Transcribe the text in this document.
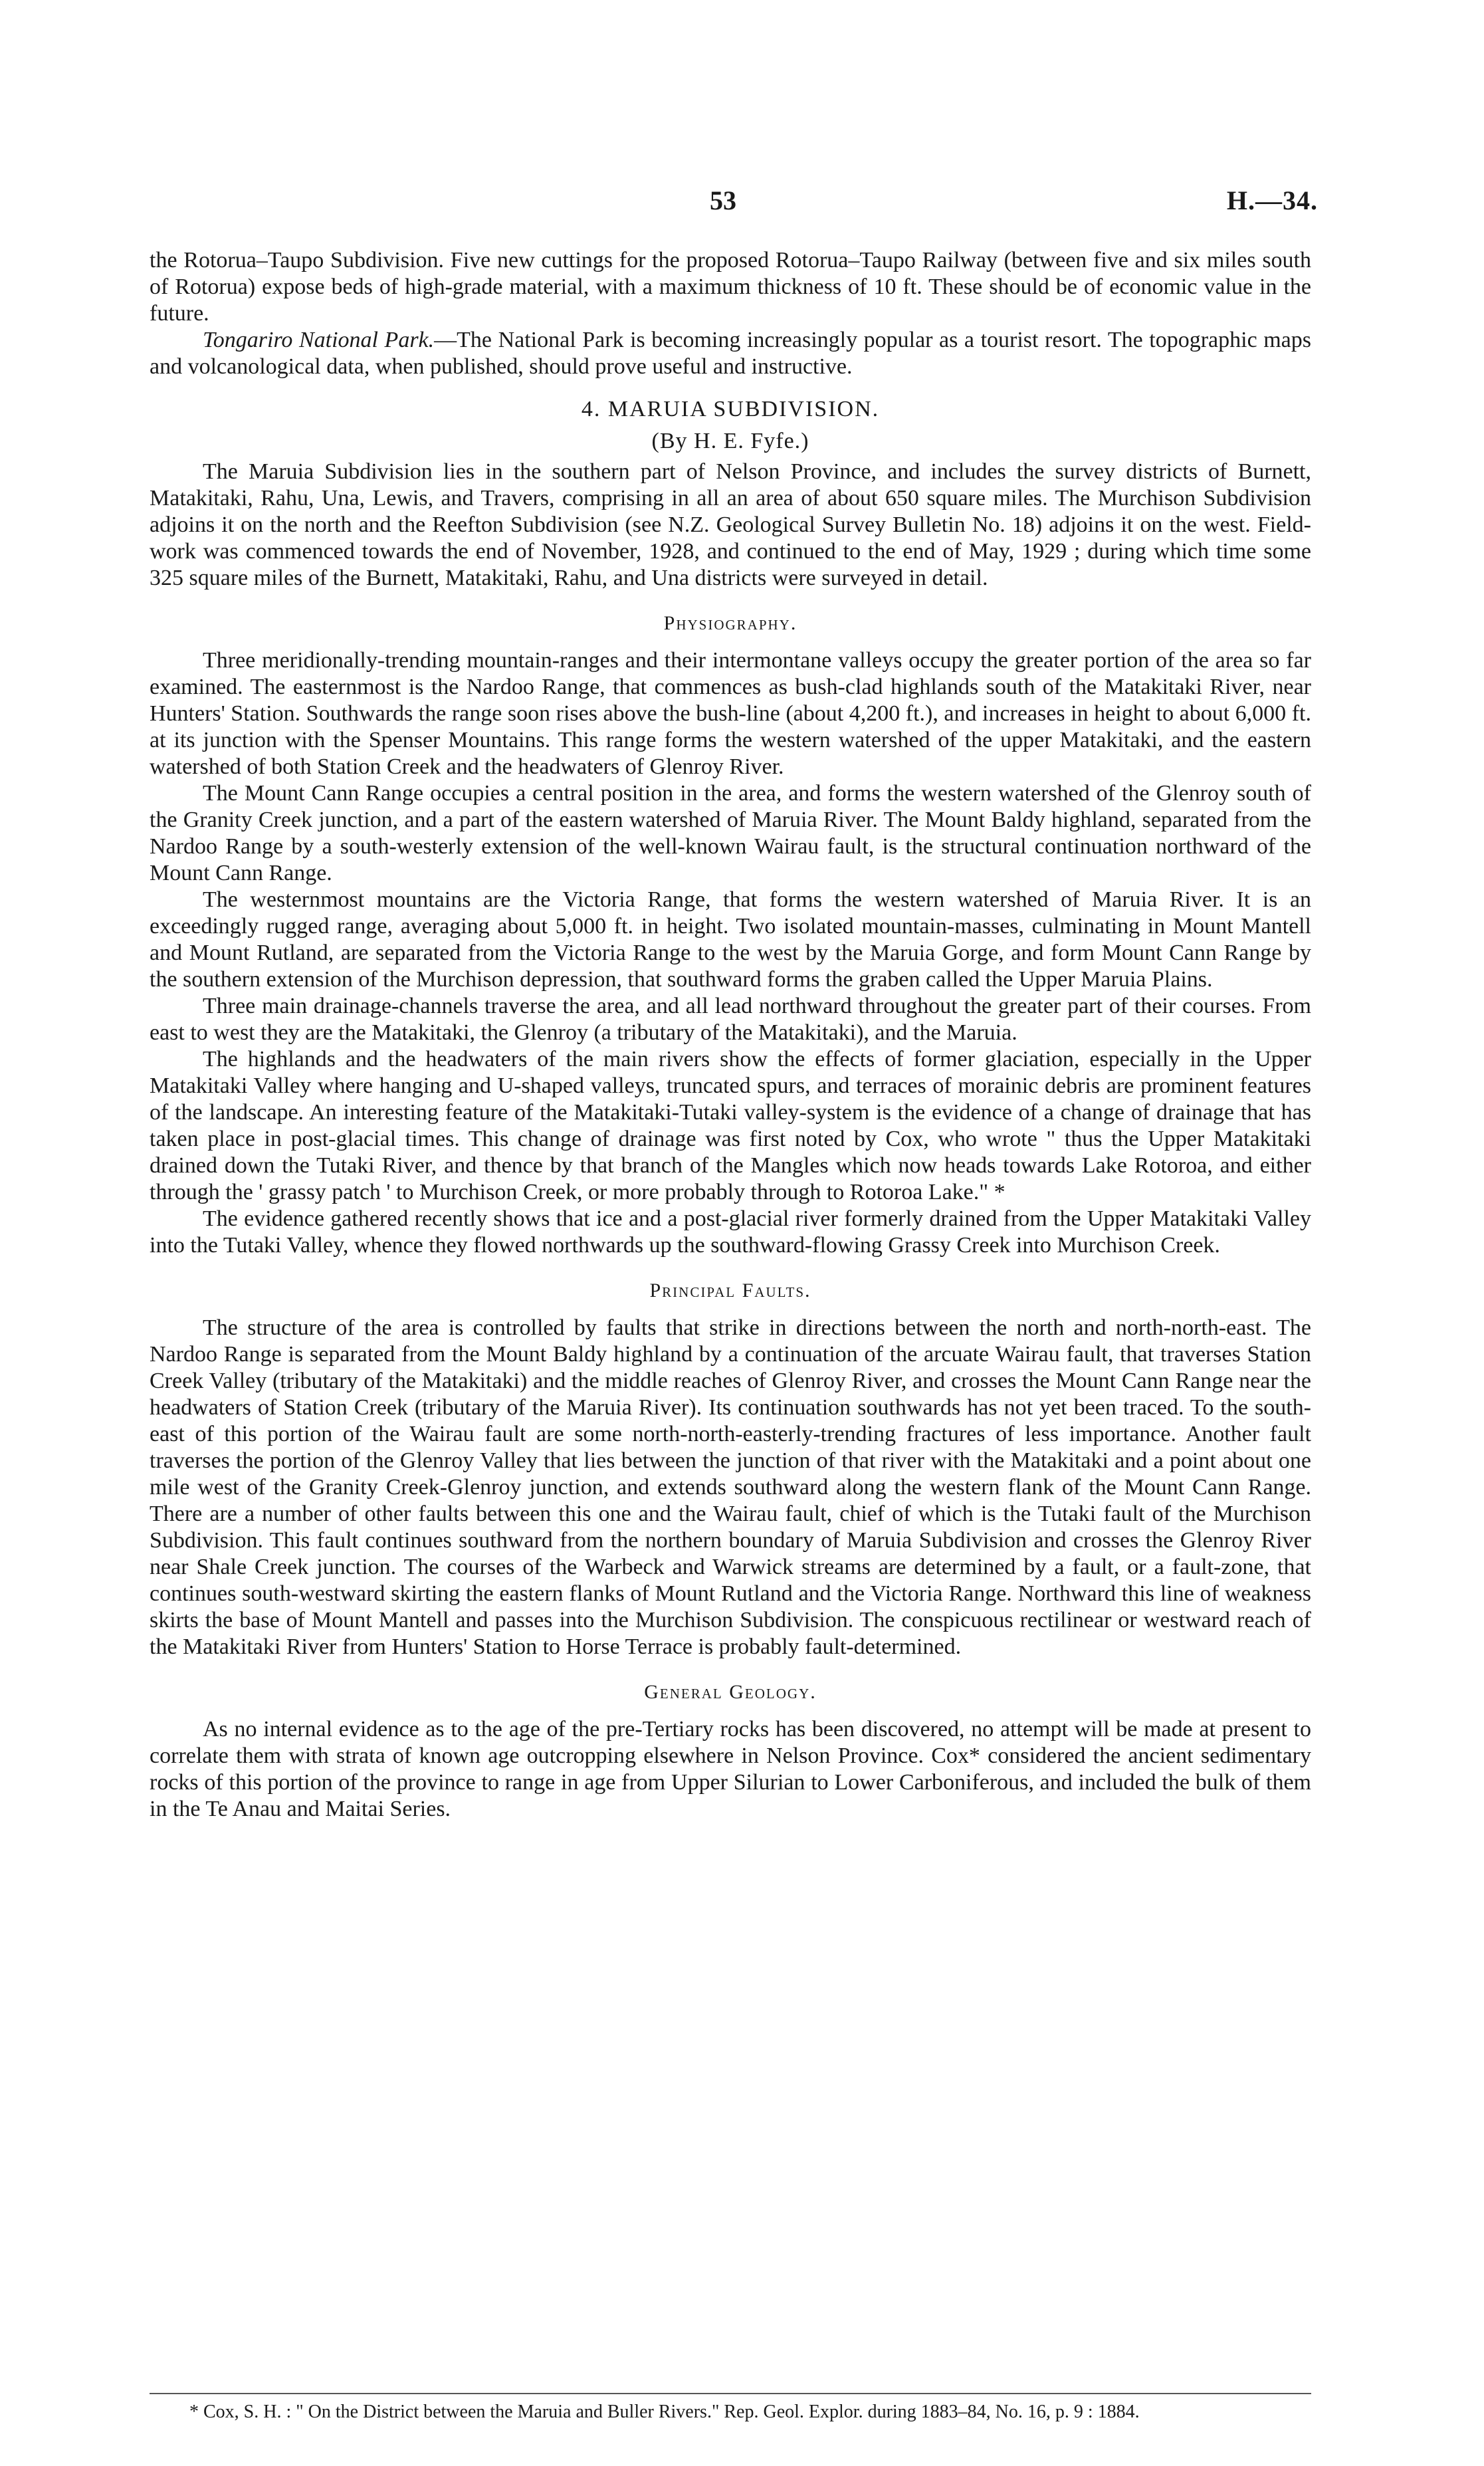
53	H.—34.

the Rotorua–Taupo Subdivision. Five new cuttings for the proposed Rotorua–Taupo Railway (between five and six miles south of Rotorua) expose beds of high-grade material, with a maximum thickness of 10 ft. These should be of economic value in the future.

Tongariro National Park.—The National Park is becoming increasingly popular as a tourist resort. The topographic maps and volcanological data, when published, should prove useful and instructive.

4. MARUIA SUBDIVISION.
(By H. E. Fyfe.)

The Maruia Subdivision lies in the southern part of Nelson Province, and includes the survey districts of Burnett, Matakitaki, Rahu, Una, Lewis, and Travers, comprising in all an area of about 650 square miles. The Murchison Subdivision adjoins it on the north and the Reefton Subdivision (see N.Z. Geological Survey Bulletin No. 18) adjoins it on the west. Field-work was commenced towards the end of November, 1928, and continued to the end of May, 1929 ; during which time some 325 square miles of the Burnett, Matakitaki, Rahu, and Una districts were surveyed in detail.

Physiography.

Three meridionally-trending mountain-ranges and their intermontane valleys occupy the greater portion of the area so far examined. The easternmost is the Nardoo Range, that commences as bush-clad highlands south of the Matakitaki River, near Hunters' Station. Southwards the range soon rises above the bush-line (about 4,200 ft.), and increases in height to about 6,000 ft. at its junction with the Spenser Mountains. This range forms the western watershed of the upper Matakitaki, and the eastern watershed of both Station Creek and the headwaters of Glenroy River.

The Mount Cann Range occupies a central position in the area, and forms the western watershed of the Glenroy south of the Granity Creek junction, and a part of the eastern watershed of Maruia River. The Mount Baldy highland, separated from the Nardoo Range by a south-westerly extension of the well-known Wairau fault, is the structural continuation northward of the Mount Cann Range.

The westernmost mountains are the Victoria Range, that forms the western watershed of Maruia River. It is an exceedingly rugged range, averaging about 5,000 ft. in height. Two isolated mountain-masses, culminating in Mount Mantell and Mount Rutland, are separated from the Victoria Range to the west by the Maruia Gorge, and form Mount Cann Range by the southern extension of the Murchison depression, that southward forms the graben called the Upper Maruia Plains.

Three main drainage-channels traverse the area, and all lead northward throughout the greater part of their courses. From east to west they are the Matakitaki, the Glenroy (a tributary of the Matakitaki), and the Maruia.

The highlands and the headwaters of the main rivers show the effects of former glaciation, especially in the Upper Matakitaki Valley where hanging and U-shaped valleys, truncated spurs, and terraces of morainic debris are prominent features of the landscape. An interesting feature of the Matakitaki-Tutaki valley-system is the evidence of a change of drainage that has taken place in post-glacial times. This change of drainage was first noted by Cox, who wrote " thus the Upper Matakitaki drained down the Tutaki River, and thence by that branch of the Mangles which now heads towards Lake Rotoroa, and either through the ' grassy patch ' to Murchison Creek, or more probably through to Rotoroa Lake." *

The evidence gathered recently shows that ice and a post-glacial river formerly drained from the Upper Matakitaki Valley into the Tutaki Valley, whence they flowed northwards up the southward-flowing Grassy Creek into Murchison Creek.

Principal Faults.

The structure of the area is controlled by faults that strike in directions between the north and north-north-east. The Nardoo Range is separated from the Mount Baldy highland by a continuation of the arcuate Wairau fault, that traverses Station Creek Valley (tributary of the Matakitaki) and the middle reaches of Glenroy River, and crosses the Mount Cann Range near the headwaters of Station Creek (tributary of the Maruia River). Its continuation southwards has not yet been traced. To the south-east of this portion of the Wairau fault are some north-north-easterly-trending fractures of less importance. Another fault traverses the portion of the Glenroy Valley that lies between the junction of that river with the Matakitaki and a point about one mile west of the Granity Creek-Glenroy junction, and extends southward along the western flank of the Mount Cann Range. There are a number of other faults between this one and the Wairau fault, chief of which is the Tutaki fault of the Murchison Subdivision. This fault continues southward from the northern boundary of Maruia Subdivision and crosses the Glenroy River near Shale Creek junction. The courses of the Warbeck and Warwick streams are determined by a fault, or a fault-zone, that continues south-westward skirting the eastern flanks of Mount Rutland and the Victoria Range. Northward this line of weakness skirts the base of Mount Mantell and passes into the Murchison Subdivision. The conspicuous rectilinear or westward reach of the Matakitaki River from Hunters' Station to Horse Terrace is probably fault-determined.

General Geology.

As no internal evidence as to the age of the pre-Tertiary rocks has been discovered, no attempt will be made at present to correlate them with strata of known age outcropping elsewhere in Nelson Province. Cox* considered the ancient sedimentary rocks of this portion of the province to range in age from Upper Silurian to Lower Carboniferous, and included the bulk of them in the Te Anau and Maitai Series.

* Cox, S. H. : " On the District between the Maruia and Buller Rivers." Rep. Geol. Explor. during 1883–84, No. 16, p. 9 : 1884.
